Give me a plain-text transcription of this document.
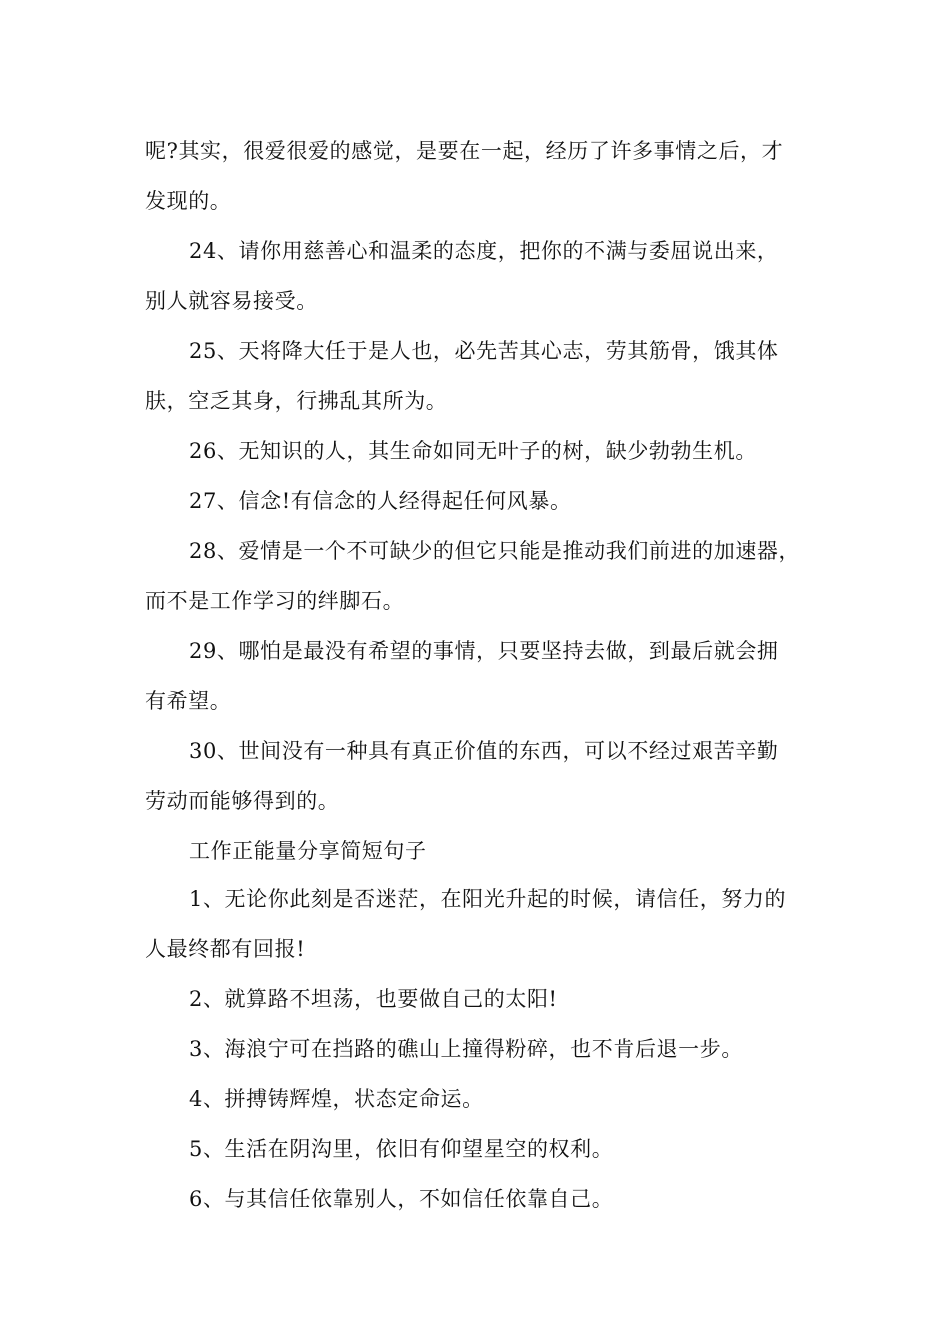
呢?其实，很爱很爱的感觉，是要在一起，经历了许多事情之后，才
发现的。
24、请你用慈善心和温柔的态度，把你的不满与委屈说出来，
别人就容易接受。
25、天将降大任于是人也，必先苦其心志，劳其筋骨，饿其体
肤，空乏其身，行拂乱其所为。
26、无知识的人，其生命如同无叶子的树，缺少勃勃生机。
27、信念!有信念的人经得起任何风暴。
28、爱情是一个不可缺少的但它只能是推动我们前进的加速器，
而不是工作学习的绊脚石。
29、哪怕是最没有希望的事情，只要坚持去做，到最后就会拥
有希望。
30、世间没有一种具有真正价值的东西，可以不经过艰苦辛勤
劳动而能够得到的。
工作正能量分享简短句子
1、无论你此刻是否迷茫，在阳光升起的时候，请信任，努力的
人最终都有回报!
2、就算路不坦荡，也要做自己的太阳!
3、海浪宁可在挡路的礁山上撞得粉碎，也不肯后退一步。
4、拼搏铸辉煌，状态定命运。
5、生活在阴沟里，依旧有仰望星空的权利。
6、与其信任依靠别人，不如信任依靠自己。
